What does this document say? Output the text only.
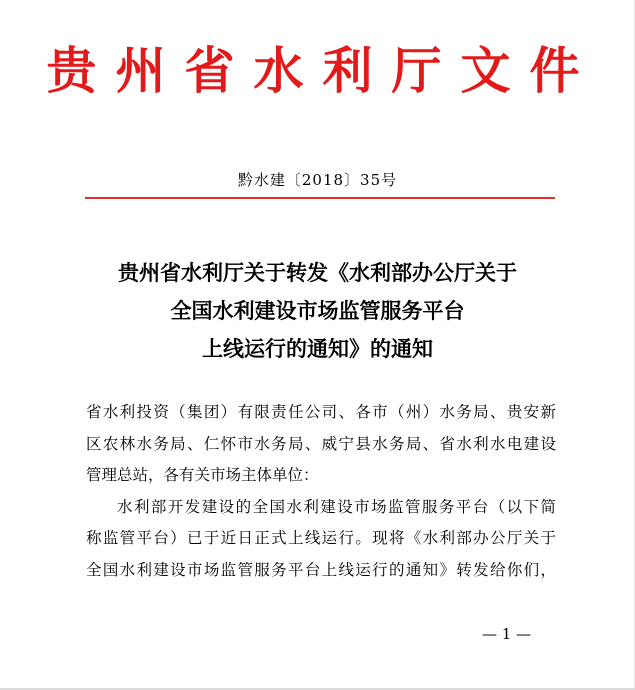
贵州省水利厅文件
黔水建〔2018〕35号
贵州省水利厅关于转发《水利部办公厅关于
全国水利建设市场监管服务平台
上线运行的通知》的通知
省水利投资（集团）有限责任公司、各市（州）水务局、贵安新
区农林水务局、仁怀市水务局、威宁县水务局、省水利水电建设
管理总站，各有关市场主体单位：
水利部开发建设的全国水利建设市场监管服务平台（以下简
称监管平台）已于近日正式上线运行。现将《水利部办公厅关于
全国水利建设市场监管服务平台上线运行的通知》转发给你们，
— 1 —
